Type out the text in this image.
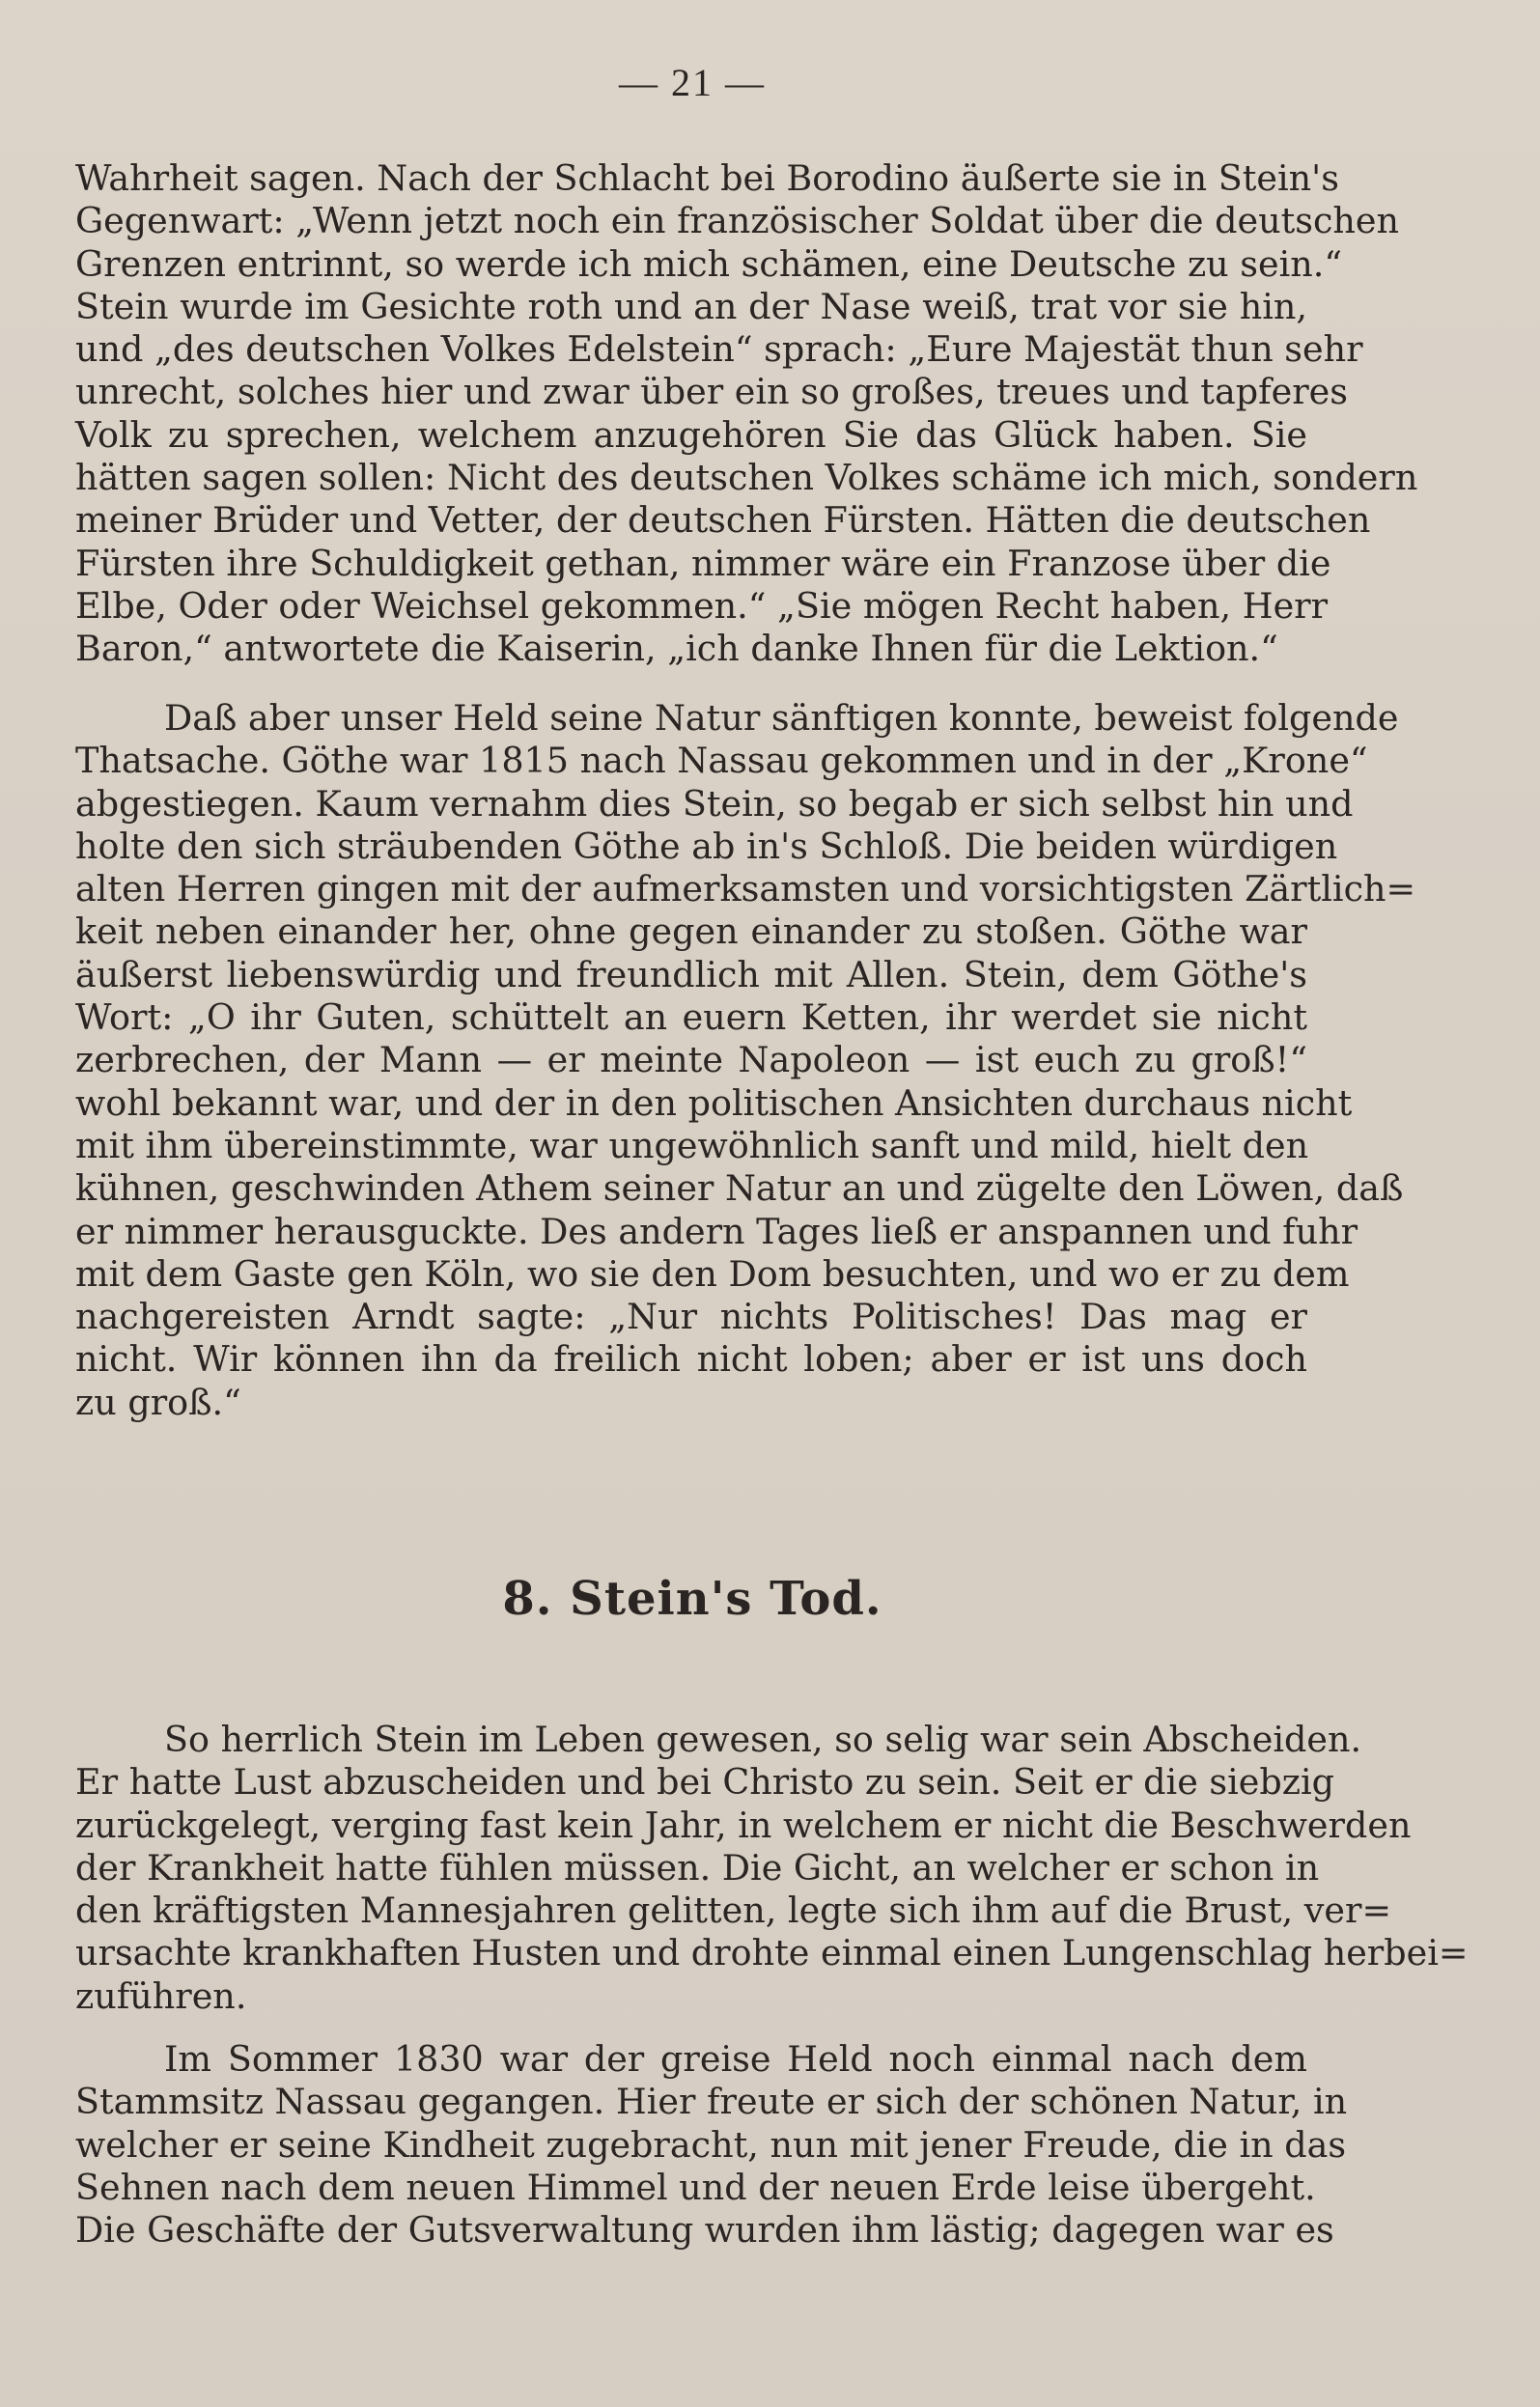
— 21 —
Wahrheit sagen. Nach der Schlacht bei Borodino äußerte sie in Stein's
Gegenwart: „Wenn jetzt noch ein französischer Soldat über die deutschen
Grenzen entrinnt, so werde ich mich schämen, eine Deutsche zu sein.“
Stein wurde im Gesichte roth und an der Nase weiß, trat vor sie hin,
und „des deutschen Volkes Edelstein“ sprach: „Eure Majestät thun sehr
unrecht, solches hier und zwar über ein so großes, treues und tapferes
Volk zu sprechen, welchem anzugehören Sie das Glück haben. Sie
hätten sagen sollen: Nicht des deutschen Volkes schäme ich mich, sondern
meiner Brüder und Vetter, der deutschen Fürsten. Hätten die deutschen
Fürsten ihre Schuldigkeit gethan, nimmer wäre ein Franzose über die
Elbe, Oder oder Weichsel gekommen.“ „Sie mögen Recht haben, Herr
Baron,“ antwortete die Kaiserin, „ich danke Ihnen für die Lektion.“
Daß aber unser Held seine Natur sänftigen konnte, beweist folgende
Thatsache. Göthe war 1815 nach Nassau gekommen und in der „Krone“
abgestiegen. Kaum vernahm dies Stein, so begab er sich selbst hin und
holte den sich sträubenden Göthe ab in's Schloß. Die beiden würdigen
alten Herren gingen mit der aufmerksamsten und vorsichtigsten Zärtlich=
keit neben einander her, ohne gegen einander zu stoßen. Göthe war
äußerst liebenswürdig und freundlich mit Allen. Stein, dem Göthe's
Wort: „O ihr Guten, schüttelt an euern Ketten, ihr werdet sie nicht
zerbrechen, der Mann — er meinte Napoleon — ist euch zu groß!“
wohl bekannt war, und der in den politischen Ansichten durchaus nicht
mit ihm übereinstimmte, war ungewöhnlich sanft und mild, hielt den
kühnen, geschwinden Athem seiner Natur an und zügelte den Löwen, daß
er nimmer herausguckte. Des andern Tages ließ er anspannen und fuhr
mit dem Gaste gen Köln, wo sie den Dom besuchten, und wo er zu dem
nachgereisten Arndt sagte: „Nur nichts Politisches! Das mag er
nicht. Wir können ihn da freilich nicht loben; aber er ist uns doch
zu groß.“
8. Stein's Tod.
So herrlich Stein im Leben gewesen, so selig war sein Abscheiden.
Er hatte Lust abzuscheiden und bei Christo zu sein. Seit er die siebzig
zurückgelegt, verging fast kein Jahr, in welchem er nicht die Beschwerden
der Krankheit hatte fühlen müssen. Die Gicht, an welcher er schon in
den kräftigsten Mannesjahren gelitten, legte sich ihm auf die Brust, ver=
ursachte krankhaften Husten und drohte einmal einen Lungenschlag herbei=
zuführen.
Im Sommer 1830 war der greise Held noch einmal nach dem
Stammsitz Nassau gegangen. Hier freute er sich der schönen Natur, in
welcher er seine Kindheit zugebracht, nun mit jener Freude, die in das
Sehnen nach dem neuen Himmel und der neuen Erde leise übergeht.
Die Geschäfte der Gutsverwaltung wurden ihm lästig; dagegen war es
